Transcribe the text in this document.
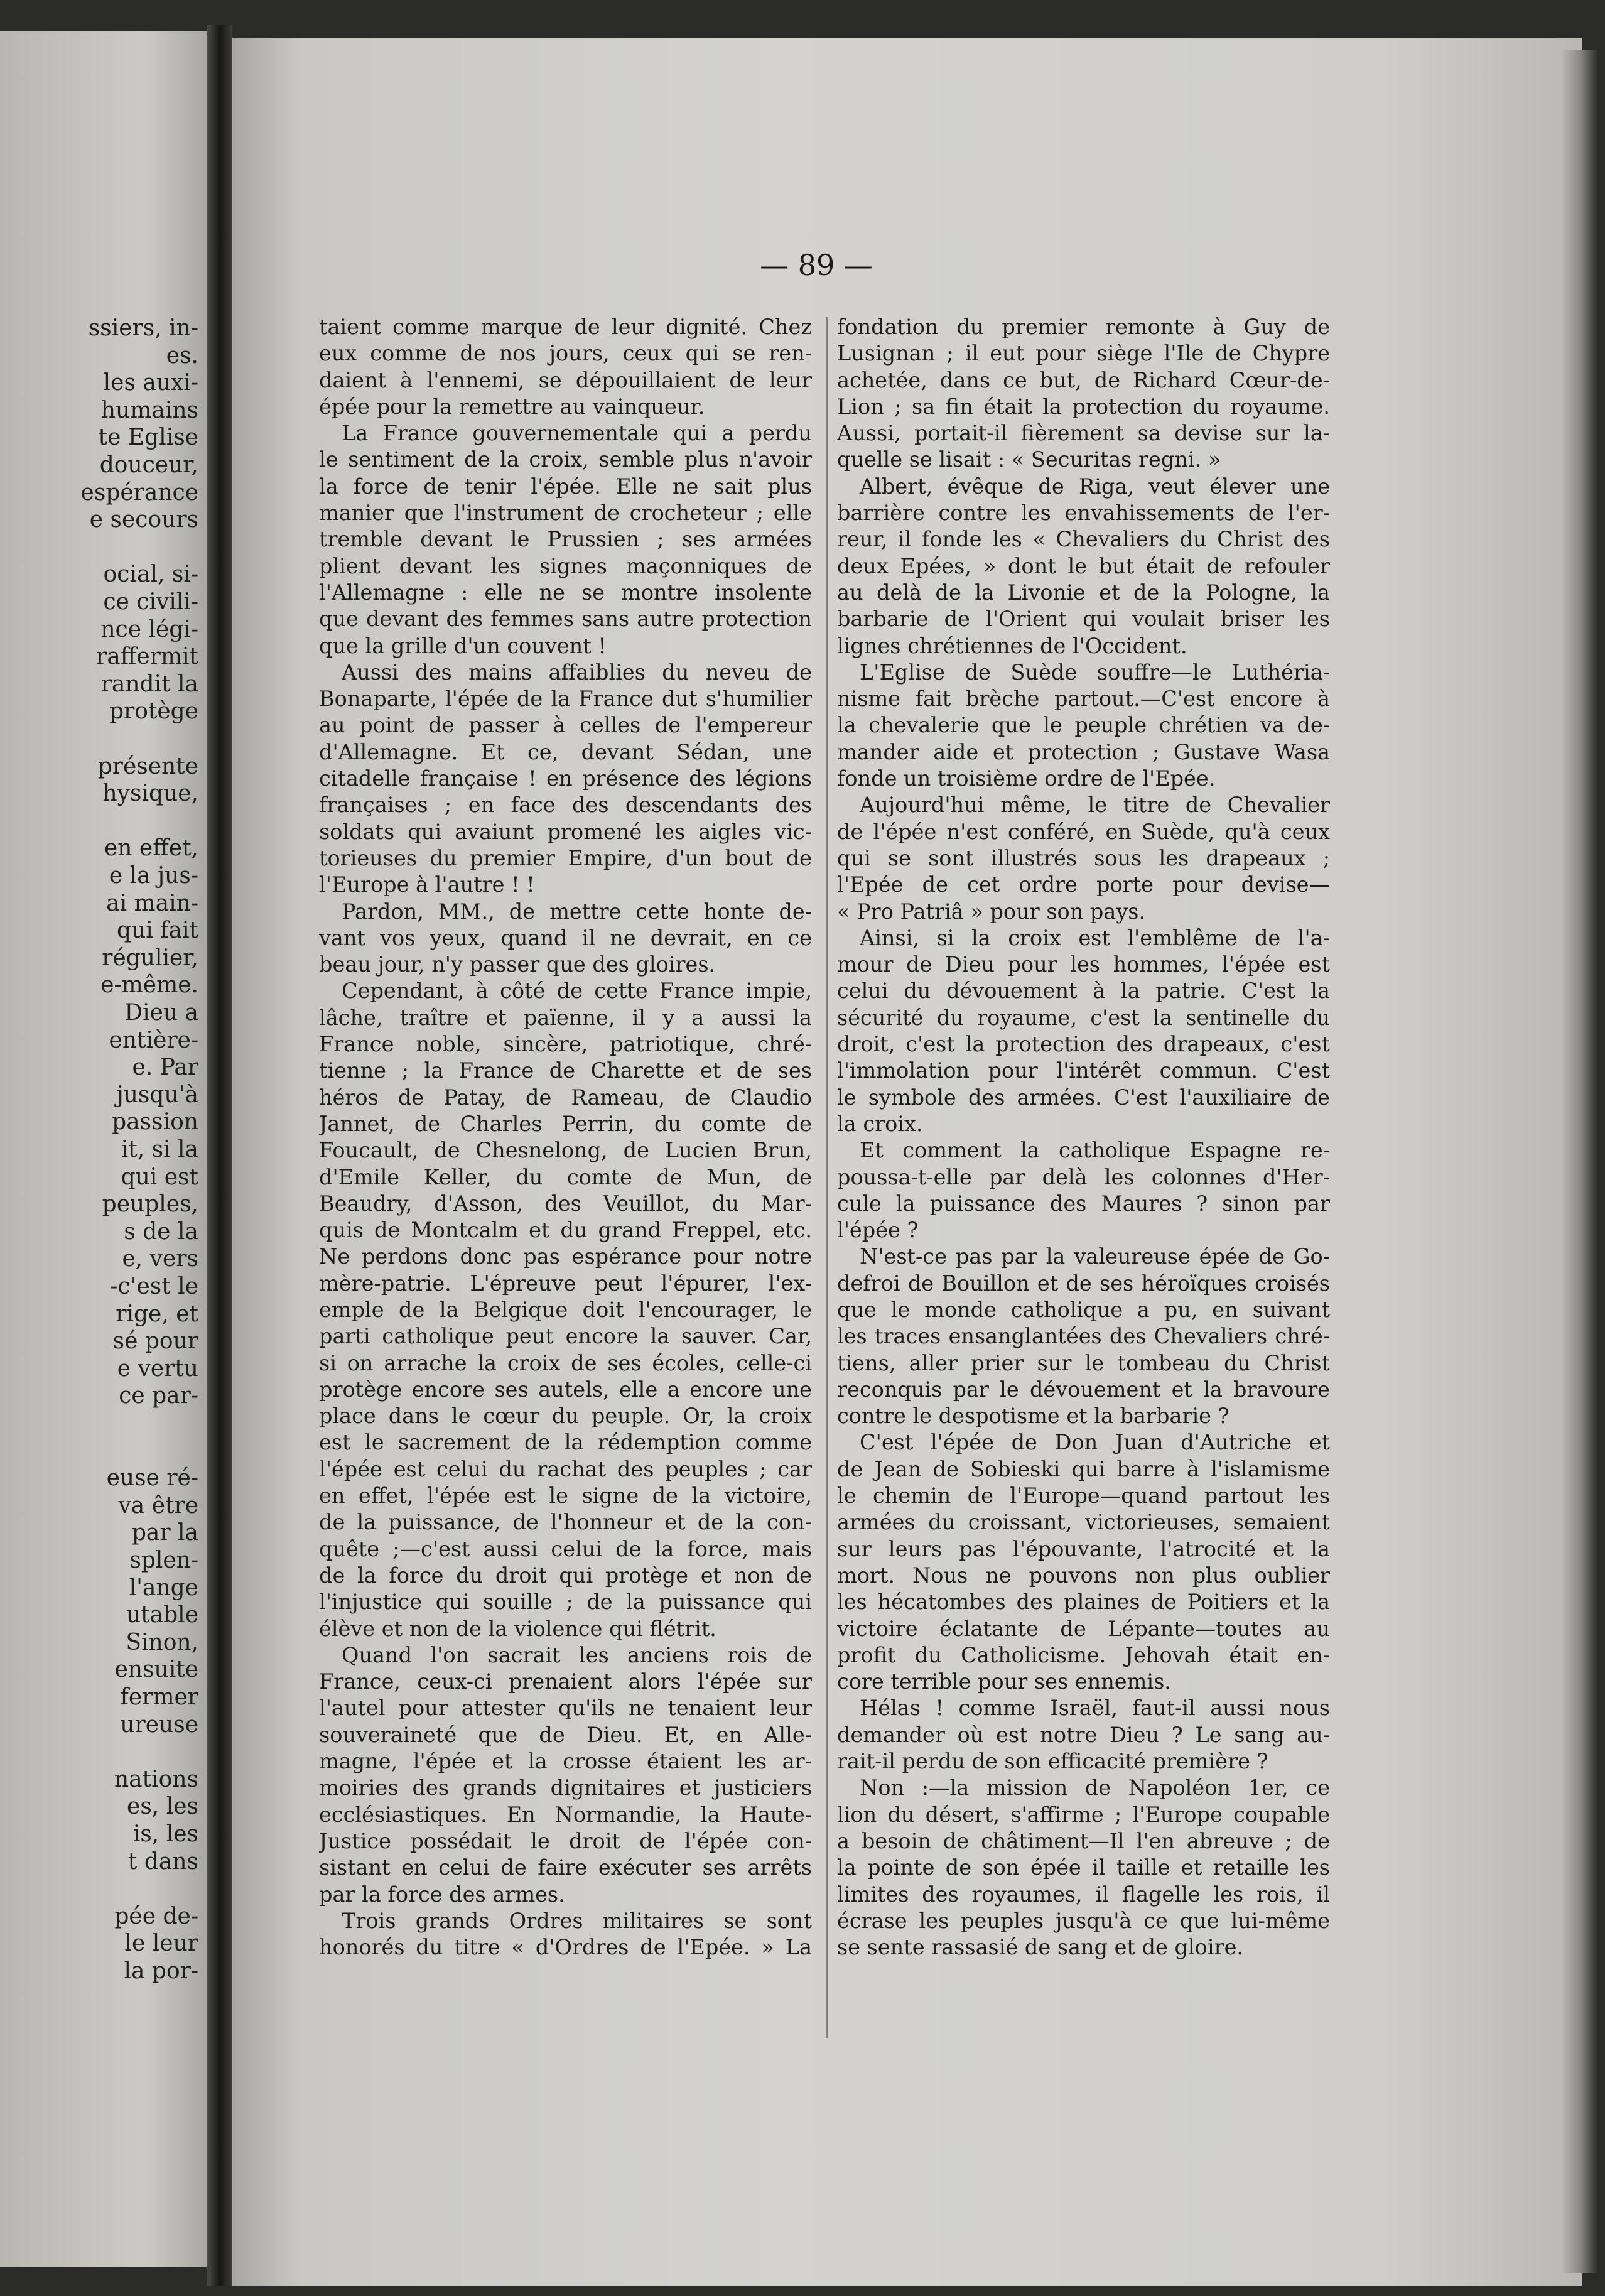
ssiers, in-
es.
les auxi-
humains
te Eglise
douceur,
espérance
e secours
ocial, si-
ce civili-
nce légi-
raffermit
randit la
protège
présente
hysique,
en effet,
e la jus-
ai main-
qui fait
régulier,
e-même.
Dieu a
entière-
e. Par
jusqu'à
passion
it, si la
qui est
peuples,
s de la
e, vers
-c'est le
rige, et
sé pour
e vertu
ce par-
euse ré-
va être
par la
splen-
l'ange
utable
Sinon,
ensuite
fermer
ureuse
nations
es, les
is, les
t dans
pée de-
le leur
la por-
— 89 —
taient comme marque de leur dignité. Chez
eux comme de nos jours, ceux qui se ren-
daient à l'ennemi, se dépouillaient de leur
épée pour la remettre au vainqueur.
La France gouvernementale qui a perdu
le sentiment de la croix, semble plus n'avoir
la force de tenir l'épée. Elle ne sait plus
manier que l'instrument de crocheteur ; elle
tremble devant le Prussien ; ses armées
plient devant les signes maçonniques de
l'Allemagne : elle ne se montre insolente
que devant des femmes sans autre protection
que la grille d'un couvent !
Aussi des mains affaiblies du neveu de
Bonaparte, l'épée de la France dut s'humilier
au point de passer à celles de l'empereur
d'Allemagne. Et ce, devant Sédan, une
citadelle française ! en présence des légions
françaises ; en face des descendants des
soldats qui avaiunt promené les aigles vic-
torieuses du premier Empire, d'un bout de
l'Europe à l'autre ! !
Pardon, MM., de mettre cette honte de-
vant vos yeux, quand il ne devrait, en ce
beau jour, n'y passer que des gloires.
Cependant, à côté de cette France impie,
lâche, traître et païenne, il y a aussi la
France noble, sincère, patriotique, chré-
tienne ; la France de Charette et de ses
héros de Patay, de Rameau, de Claudio
Jannet, de Charles Perrin, du comte de
Foucault, de Chesnelong, de Lucien Brun,
d'Emile Keller, du comte de Mun, de
Beaudry, d'Asson, des Veuillot, du Mar-
quis de Montcalm et du grand Freppel, etc.
Ne perdons donc pas espérance pour notre
mère-patrie. L'épreuve peut l'épurer, l'ex-
emple de la Belgique doit l'encourager, le
parti catholique peut encore la sauver. Car,
si on arrache la croix de ses écoles, celle-ci
protège encore ses autels, elle a encore une
place dans le cœur du peuple. Or, la croix
est le sacrement de la rédemption comme
l'épée est celui du rachat des peuples ; car
en effet, l'épée est le signe de la victoire,
de la puissance, de l'honneur et de la con-
quête ;—c'est aussi celui de la force, mais
de la force du droit qui protège et non de
l'injustice qui souille ; de la puissance qui
élève et non de la violence qui flétrit.
Quand l'on sacrait les anciens rois de
France, ceux-ci prenaient alors l'épée sur
l'autel pour attester qu'ils ne tenaient leur
souveraineté que de Dieu. Et, en Alle-
magne, l'épée et la crosse étaient les ar-
moiries des grands dignitaires et justiciers
ecclésiastiques. En Normandie, la Haute-
Justice possédait le droit de l'épée con-
sistant en celui de faire exécuter ses arrêts
par la force des armes.
Trois grands Ordres militaires se sont
honorés du titre « d'Ordres de l'Epée. » La
fondation du premier remonte à Guy de
Lusignan ; il eut pour siège l'Ile de Chypre
achetée, dans ce but, de Richard Cœur-de-
Lion ; sa fin était la protection du royaume.
Aussi, portait-il fièrement sa devise sur la-
quelle se lisait : « Securitas regni. »
Albert, évêque de Riga, veut élever une
barrière contre les envahissements de l'er-
reur, il fonde les « Chevaliers du Christ des
deux Epées, » dont le but était de refouler
au delà de la Livonie et de la Pologne, la
barbarie de l'Orient qui voulait briser les
lignes chrétiennes de l'Occident.
L'Eglise de Suède souffre—le Luthéria-
nisme fait brèche partout.—C'est encore à
la chevalerie que le peuple chrétien va de-
mander aide et protection ; Gustave Wasa
fonde un troisième ordre de l'Epée.
Aujourd'hui même, le titre de Chevalier
de l'épée n'est conféré, en Suède, qu'à ceux
qui se sont illustrés sous les drapeaux ;
l'Epée de cet ordre porte pour devise—
« Pro Patriâ » pour son pays.
Ainsi, si la croix est l'emblême de l'a-
mour de Dieu pour les hommes, l'épée est
celui du dévouement à la patrie. C'est la
sécurité du royaume, c'est la sentinelle du
droit, c'est la protection des drapeaux, c'est
l'immolation pour l'intérêt commun. C'est
le symbole des armées. C'est l'auxiliaire de
la croix.
Et comment la catholique Espagne re-
poussa-t-elle par delà les colonnes d'Her-
cule la puissance des Maures ? sinon par
l'épée ?
N'est-ce pas par la valeureuse épée de Go-
defroi de Bouillon et de ses héroïques croisés
que le monde catholique a pu, en suivant
les traces ensanglantées des Chevaliers chré-
tiens, aller prier sur le tombeau du Christ
reconquis par le dévouement et la bravoure
contre le despotisme et la barbarie ?
C'est l'épée de Don Juan d'Autriche et
de Jean de Sobieski qui barre à l'islamisme
le chemin de l'Europe—quand partout les
armées du croissant, victorieuses, semaient
sur leurs pas l'épouvante, l'atrocité et la
mort. Nous ne pouvons non plus oublier
les hécatombes des plaines de Poitiers et la
victoire éclatante de Lépante—toutes au
profit du Catholicisme. Jehovah était en-
core terrible pour ses ennemis.
Hélas ! comme Israël, faut-il aussi nous
demander où est notre Dieu ? Le sang au-
rait-il perdu de son efficacité première ?
Non :—la mission de Napoléon 1er, ce
lion du désert, s'affirme ; l'Europe coupable
a besoin de châtiment—Il l'en abreuve ; de
la pointe de son épée il taille et retaille les
limites des royaumes, il flagelle les rois, il
écrase les peuples jusqu'à ce que lui-même
se sente rassasié de sang et de gloire.
